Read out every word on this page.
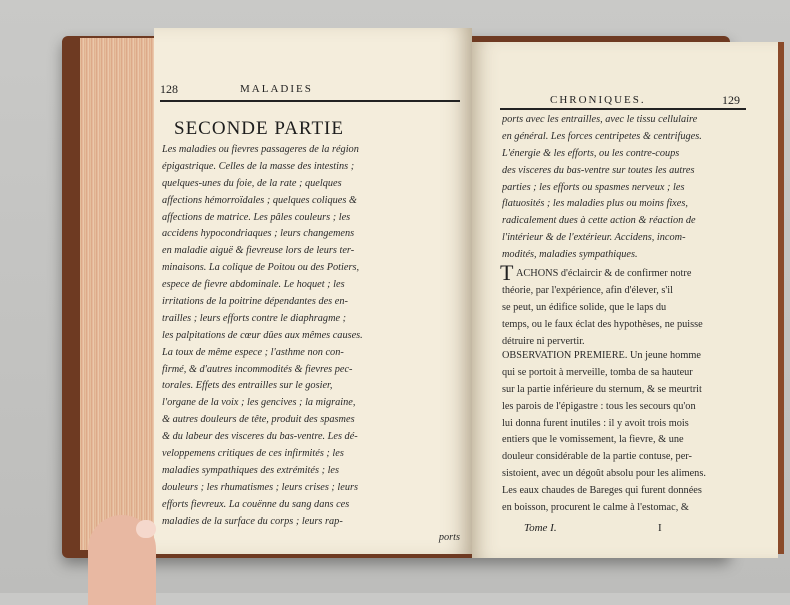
128	MALADIES
SECONDE PARTIE
Les maladies ou fievres passageres de la région
épigastrique. Celles de la masse des intestins ;
quelques-unes du foie, de la rate ; quelques
affections hémorroïdales ; quelques coliques &
affections de matrice. Les pâles couleurs ; les
accidens hypocondriaques ; leurs changemens
en maladie aiguë & fievreuse lors de leurs ter-
minaisons. La colique de Poitou ou des Potiers,
espece de fievre abdominale. Le hoquet ; les
irritations de la poitrine dépendantes des en-
trailles ; leurs efforts contre le diaphragme ;
les palpitations de cœur dûes aux mêmes causes.
La toux de même espece ; l'asthme non con-
firmé, & d'autres incommodités & fievres pec-
torales. Effets des entrailles sur le gosier,
l'organe de la voix ; les gencives ; la migraine,
& autres douleurs de tête, produit des spasmes
& du labeur des visceres du bas-ventre. Les dé-
veloppemens critiques de ces infirmités ; les
maladies sympathiques des extrémités ; les
douleurs ; les rhumatismes ; leurs crises ; leurs
efforts fievreux. La couënne du sang dans ces
maladies de la surface du corps ; leurs rap-
ports
CHRONIQUES.	129
ports avec les entrailles, avec le tissu cellulaire
en général. Les forces centripetes & centrifuges.
L'énergie & les efforts, ou les contre-coups
des visceres du bas-ventre sur toutes les autres
parties ; les efforts ou spasmes nerveux ; les
flatuosités ; les maladies plus ou moins fixes,
radicalement dues à cette action & réaction de
l'intérieur & de l'extérieur. Accidens, incom-
modités, maladies sympathiques.
T ACHONS d'éclaircir & de confirmer notre
théorie, par l'expérience, afin d'élever, s'il
se peut, un édifice solide, que le laps du
temps, ou le faux éclat des hypothèses, ne puisse
détruire ni pervertir.
OBSERVATION PREMIERE. Un jeune homme
qui se portoit à merveille, tomba de sa hauteur
sur la partie inférieure du sternum, & se meurtrit
les parois de l'épigastre : tous les secours qu'on
lui donna furent inutiles : il y avoit trois mois
entiers que le vomissement, la fievre, & une
douleur considérable de la partie contuse, per-
sistoient, avec un dégoût absolu pour les alimens.
Les eaux chaudes de Bareges qui furent données
en boisson, procurent le calme à l'estomac, &
Tome I.	I
